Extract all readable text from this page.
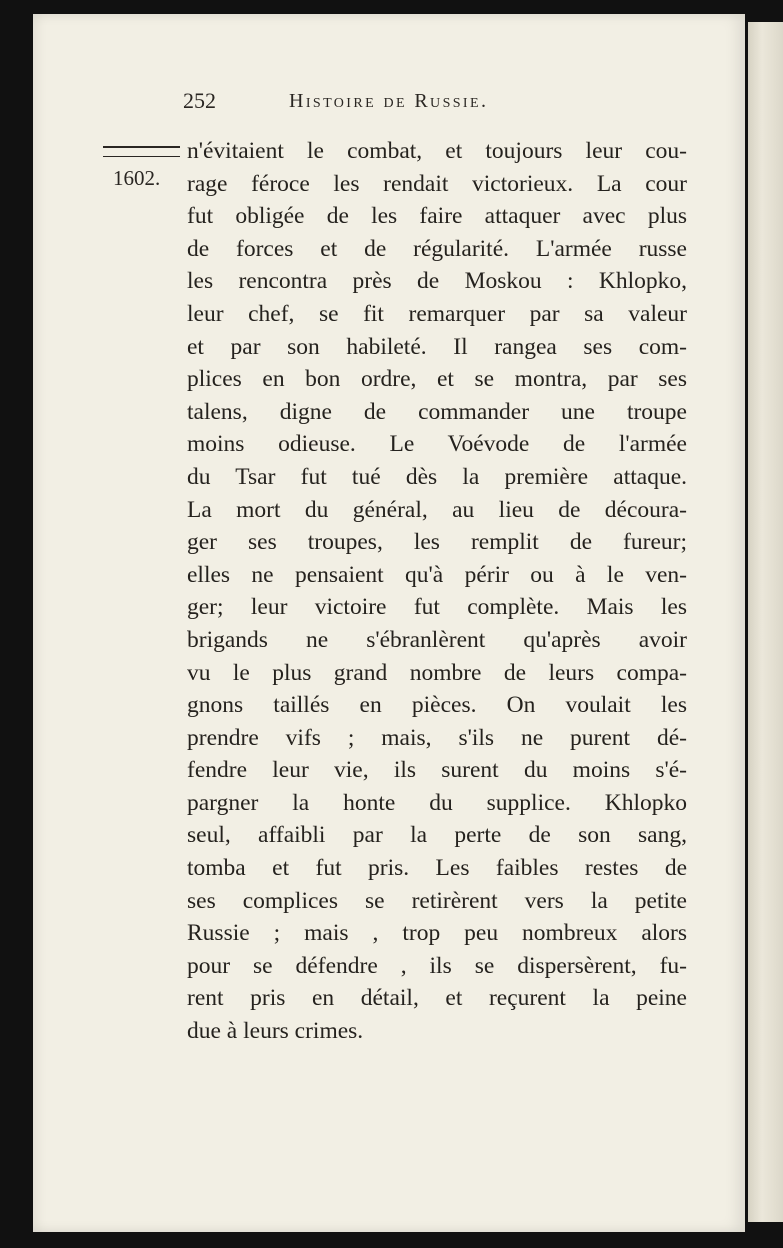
252	Histoire de Russie.
1602.
n'évitaient le combat, et toujours leur cou-
rage féroce les rendait victorieux. La cour
fut obligée de les faire attaquer avec plus
de forces et de régularité. L'armée russe
les rencontra près de Moskou : Khlopko,
leur chef, se fit remarquer par sa valeur
et par son habileté. Il rangea ses com-
plices en bon ordre, et se montra, par ses
talens, digne de commander une troupe
moins odieuse. Le Voévode de l'armée
du Tsar fut tué dès la première attaque.
La mort du général, au lieu de découra-
ger ses troupes, les remplit de fureur;
elles ne pensaient qu'à périr ou à le ven-
ger; leur victoire fut complète. Mais les
brigands ne s'ébranlèrent qu'après avoir
vu le plus grand nombre de leurs compa-
gnons taillés en pièces. On voulait les
prendre vifs ; mais, s'ils ne purent dé-
fendre leur vie, ils surent du moins s'é-
pargner la honte du supplice. Khlopko
seul, affaibli par la perte de son sang,
tomba et fut pris. Les faibles restes de
ses complices se retirèrent vers la petite
Russie ; mais , trop peu nombreux alors
pour se défendre , ils se dispersèrent, fu-
rent pris en détail, et reçurent la peine
due à leurs crimes.
